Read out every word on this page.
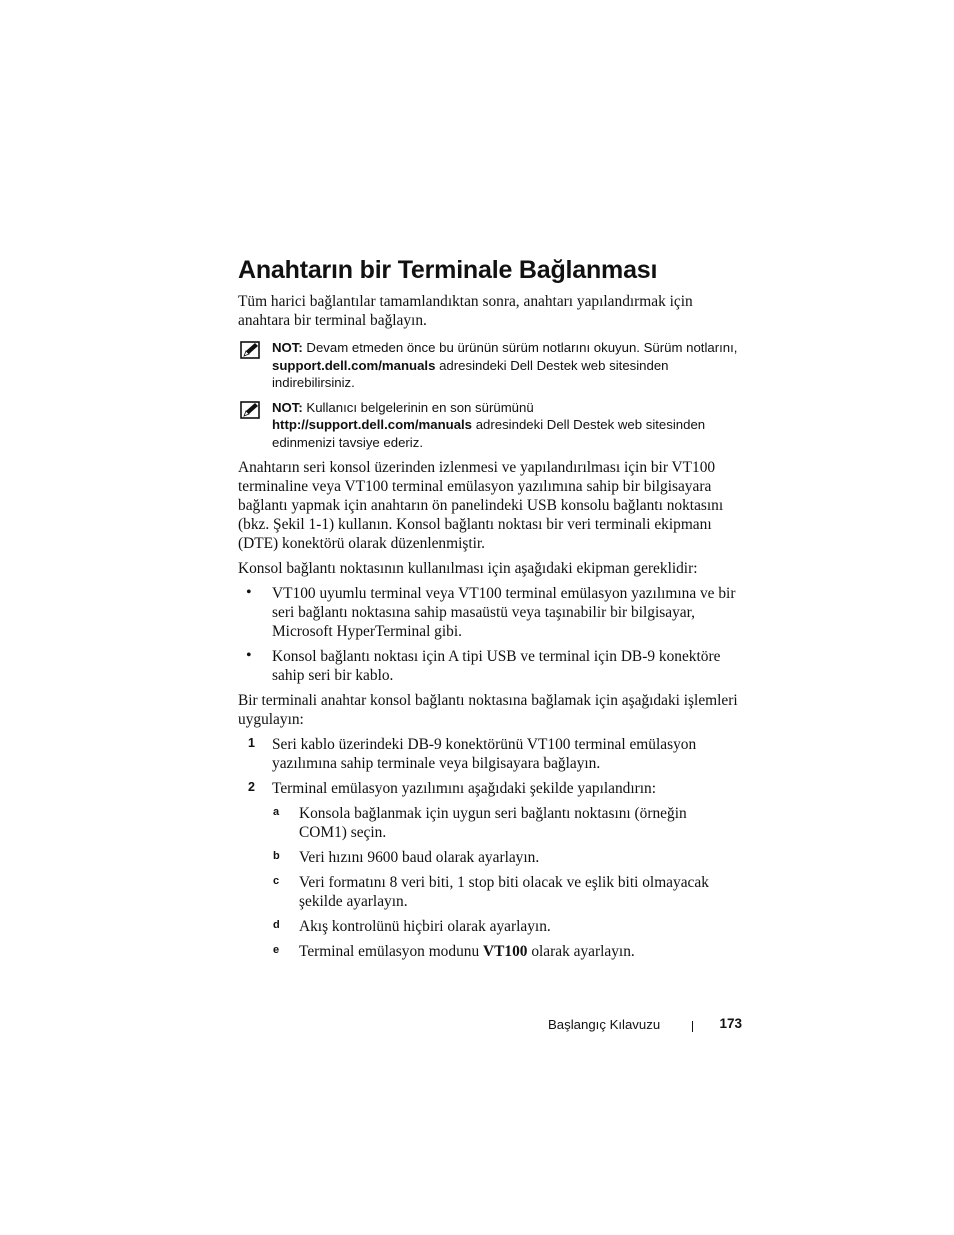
Anahtarın bir Terminale Bağlanması

Tüm harici bağlantılar tamamlandıktan sonra, anahtarı yapılandırmak için anahtara bir terminal bağlayın.

NOT: Devam etmeden önce bu ürünün sürüm notlarını okuyun. Sürüm notlarını, support.dell.com/manuals adresindeki Dell Destek web sitesinden indirebilirsiniz.
NOT: Kullanıcı belgelerinin en son sürümünü
http://support.dell.com/manuals adresindeki Dell Destek web sitesinden edinmenizi tavsiye ederiz.

Anahtarın seri konsol üzerinden izlenmesi ve yapılandırılması için bir VT100 terminaline veya VT100 terminal emülasyon yazılımına sahip bir bilgisayara bağlantı yapmak için anahtarın ön panelindeki USB konsolu bağlantı noktasını (bkz. Şekil 1-1) kullanın. Konsol bağlantı noktası bir veri terminali ekipmanı (DTE) konektörü olarak düzenlenmiştir.

Konsol bağlantı noktasının kullanılması için aşağıdaki ekipman gereklidir:

• VT100 uyumlu terminal veya VT100 terminal emülasyon yazılımına ve bir seri bağlantı noktasına sahip masaüstü veya taşınabilir bir bilgisayar, Microsoft HyperTerminal gibi.

• Konsol bağlantı noktası için A tipi USB ve terminal için DB-9 konektöre sahip seri bir kablo.

Bir terminali anahtar konsol bağlantı noktasına bağlamak için aşağıdaki işlemleri uygulayın:

1 Seri kablo üzerindeki DB-9 konektörünü VT100 terminal emülasyon yazılımına sahip terminale veya bilgisayara bağlayın.

2 Terminal emülasyon yazılımını aşağıdaki şekilde yapılandırın:

a Konsola bağlanmak için uygun seri bağlantı noktasını (örneğin COM1) seçin.

b Veri hızını 9600 baud olarak ayarlayın.

c Veri formatını 8 veri biti, 1 stop biti olacak ve eşlik biti olmayacak şekilde ayarlayın.

d Akış kontrolünü hiçbiri olarak ayarlayın.

e Terminal emülasyon modunu VT100 olarak ayarlayın.

Başlangıç Kılavuzu	173
